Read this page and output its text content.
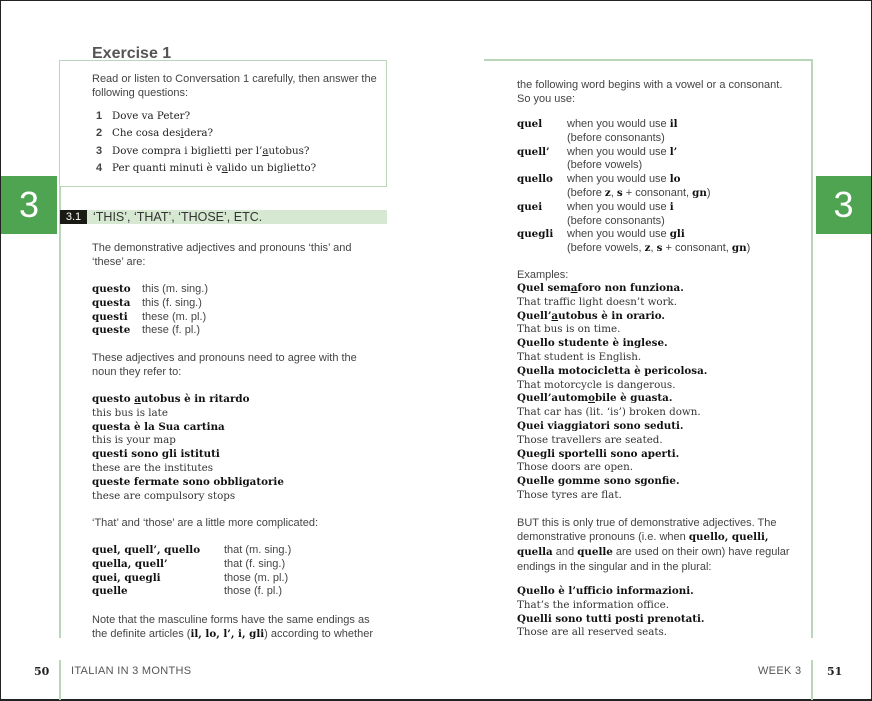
3	3
Exercise 1
Read or listen to Conversation 1 carefully, then answer the following questions:
1 Dove va Peter?
2 Che cosa desidera?
3 Dove compra i biglietti per l’autobus?
4 Per quanti minuti è valido un biglietto?
3.1 ‘THIS’, ‘THAT’, ‘THOSE’, ETC.
The demonstrative adjectives and pronouns ‘this’ and ‘these’ are:
questo	this (m. sing.)
questa	this (f. sing.)
questi	these (m. pl.)
queste	these (f. pl.)
These adjectives and pronouns need to agree with the noun they refer to:
questo autobus è in ritardo
this bus is late
questa è la Sua cartina
this is your map
questi sono gli istituti
these are the institutes
queste fermate sono obbligatorie
these are compulsory stops
‘That’ and ‘those’ are a little more complicated:
quel, quell’, quello	that (m. sing.)
quella, quell’	that (f. sing.)
quei, quegli	those (m. pl.)
quelle	those (f. pl.)
Note that the masculine forms have the same endings as
the definite articles (il, lo, l’, i, gli) according to whether
50 ITALIAN IN 3 MONTHS
the following word begins with a vowel or a consonant. So you use:
quel	when you would use il
(before consonants)
quell’	when you would use l’
(before vowels)
quello	when you would use lo
(before z, s + consonant, gn)
quei	when you would use i
(before consonants)
quegli	when you would use gli
(before vowels, z, s + consonant, gn)
Examples:
Quel semaforo non funziona.
That traffic light doesn’t work.
Quell’autobus è in orario.
That bus is on time.
Quello studente è inglese.
That student is English.
Quella motocicletta è pericolosa.
That motorcycle is dangerous.
Quell’automobile è guasta.
That car has (lit. ‘is’) broken down.
Quei viaggiatori sono seduti.
Those travellers are seated.
Quegli sportelli sono aperti.
Those doors are open.
Quelle gomme sono sgonfie.
Those tyres are flat.
BUT this is only true of demonstrative adjectives. The demonstrative pronouns (i.e. when quello, quelli, quella and quelle are used on their own) have regular endings in the singular and in the plural:
Quello è l’ufficio informazioni.
That’s the information office.
Quelli sono tutti posti prenotati.
Those are all reserved seats.
WEEK 3 51
